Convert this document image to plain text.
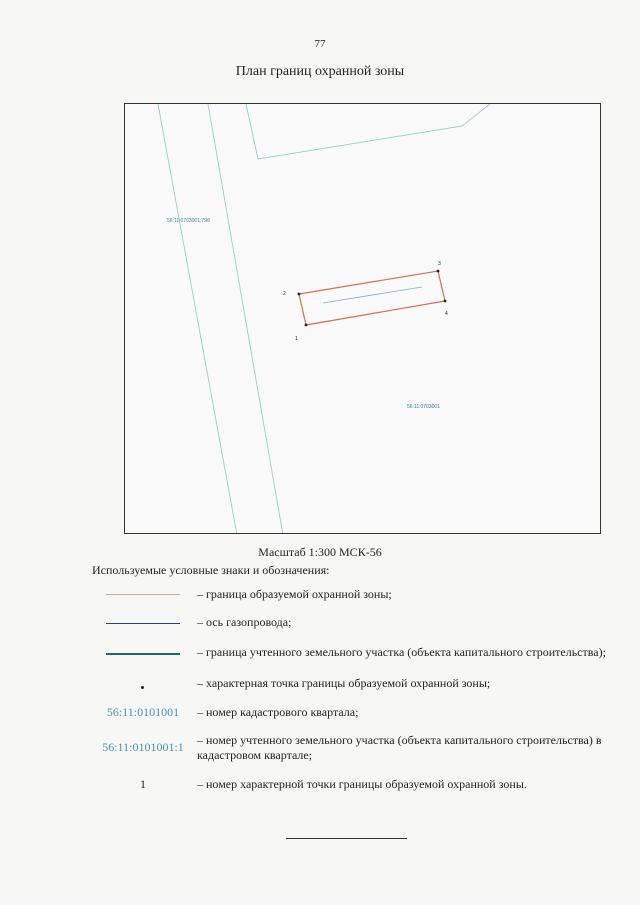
77
План границ охранной зоны
56:11:0703001:798
1
2
3
4
56:11:0703001
Масштаб 1:300 МСК-56
Используемые условные знаки и обозначения:
– граница образуемой охранной зоны;
– ось газопровода;
– граница учтенного земельного участка (объекта капитального строительства);
– характерная точка границы образуемой охранной зоны;
56:11:0101001	– номер кадастрового квартала;
56:11:0101001:1 – номер учтенного земельного участка (объекта капитального строительства) в кадастровом квартале;
1	– номер характерной точки границы образуемой охранной зоны.
